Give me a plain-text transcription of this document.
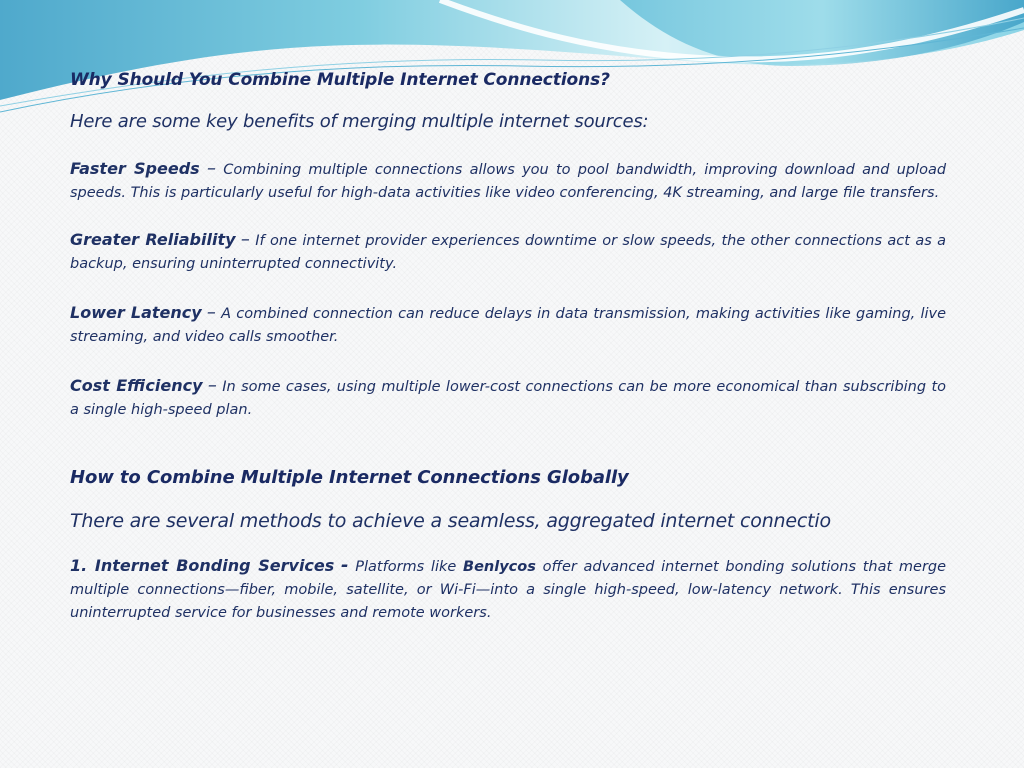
Why Should You Combine Multiple Internet Connections?

Here are some key benefits of merging multiple internet sources:

Faster Speeds – Combining multiple connections allows you to pool bandwidth, improving download and upload speeds. This is particularly useful for high-data activities like video conferencing, 4K streaming, and large file transfers.

Greater Reliability – If one internet provider experiences downtime or slow speeds, the other connections act as a backup, ensuring uninterrupted connectivity.

Lower Latency – A combined connection can reduce delays in data transmission, making activities like gaming, live streaming, and video calls smoother.

Cost Efficiency – In some cases, using multiple lower-cost connections can be more economical than subscribing to a single high-speed plan.

How to Combine Multiple Internet Connections Globally

There are several methods to achieve a seamless, aggregated internet connectio

1. Internet Bonding Services - Platforms like Benlycos offer advanced internet bonding solutions that merge multiple connections—fiber, mobile, satellite, or Wi-Fi—into a single high-speed, low-latency network. This ensures uninterrupted service for businesses and remote workers.
